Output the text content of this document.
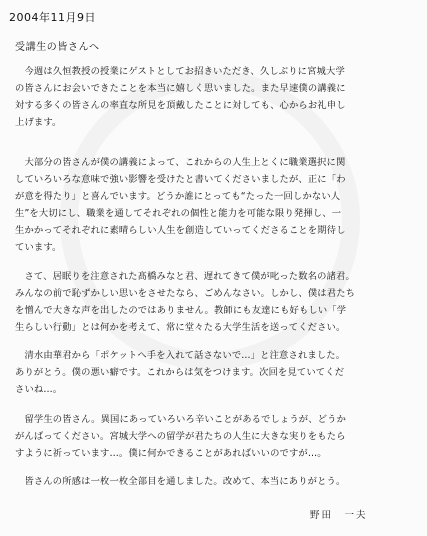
2004年11月9日
受講生の皆さんへ
　今週は久恒教授の授業にゲストとしてお招きいただき、久しぶりに宮城大学
の皆さんにお会いできたことを本当に嬉しく思いました。また早速僕の講義に
対する多くの皆さんの率直な所見を頂戴したことに対しても、心からお礼申し
上げます。
　大部分の皆さんが僕の講義によって、これからの人生上とくに職業選択に関
していろいろな意味で強い影響を受けたと書いてくださいましたが、正に「わ
が意を得たり」と喜んでいます。どうか誰にとっても“たった一回しかない人
生”を大切にし、職業を通してそれぞれの個性と能力を可能な限り発揮し、一
生かかってそれぞれに素晴らしい人生を創造していってくださることを期待し
ています。
　さて、居眠りを注意された髙橋みなと君、遅れてきて僕が叱った数名の諸君。
みんなの前で恥ずかしい思いをさせたなら、ごめんなさい。しかし、僕は君たち
を憎んで大きな声を出したのではありません。教師にも友達にも好もしい「学
生らしい行動」とは何かを考えて、常に堂々たる大学生活を送ってください。
　清水由華君から「ポケットへ手を入れて話さないで…」と注意されました。
ありがとう。僕の悪い癖です。これからは気をつけます。次回を見ていてくだ
さいね…。
　留学生の皆さん。異国にあっていろいろ辛いことがあるでしょうが、どうか
がんばってください。宮城大学への留学が君たちの人生に大きな実りをもたら
すように祈っています…。僕に何かできることがあればいいのですが…。
　皆さんの所感は一枚一枚全部目を通しました。改めて、本当にありがとう。
野田　一夫
